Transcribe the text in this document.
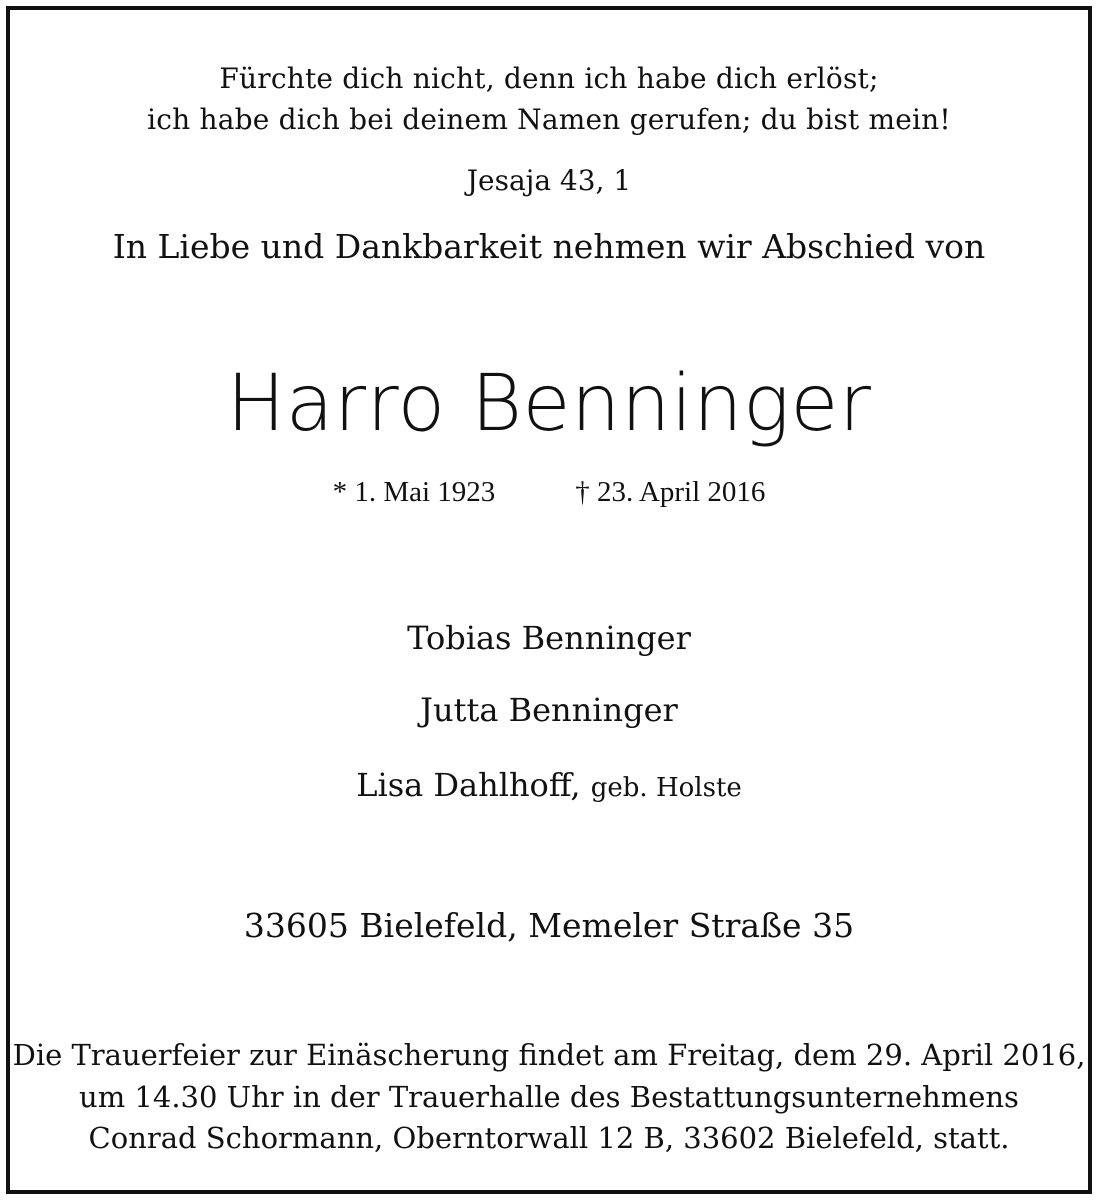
Fürchte dich nicht, denn ich habe dich erlöst;
ich habe dich bei deinem Namen gerufen; du bist mein!
Jesaja 43, 1
In Liebe und Dankbarkeit nehmen wir Abschied von
Harro Benninger
* 1. Mai 1923	† 23. April 2016
Tobias Benninger
Jutta Benninger
Lisa Dahlhoff, geb. Holste
33605 Bielefeld, Memeler Straße 35
Die Trauerfeier zur Einäscherung findet am Freitag, dem 29. April 2016,
um 14.30 Uhr in der Trauerhalle des Bestattungsunternehmens
Conrad Schormann, Oberntorwall 12 B, 33602 Bielefeld, statt.
